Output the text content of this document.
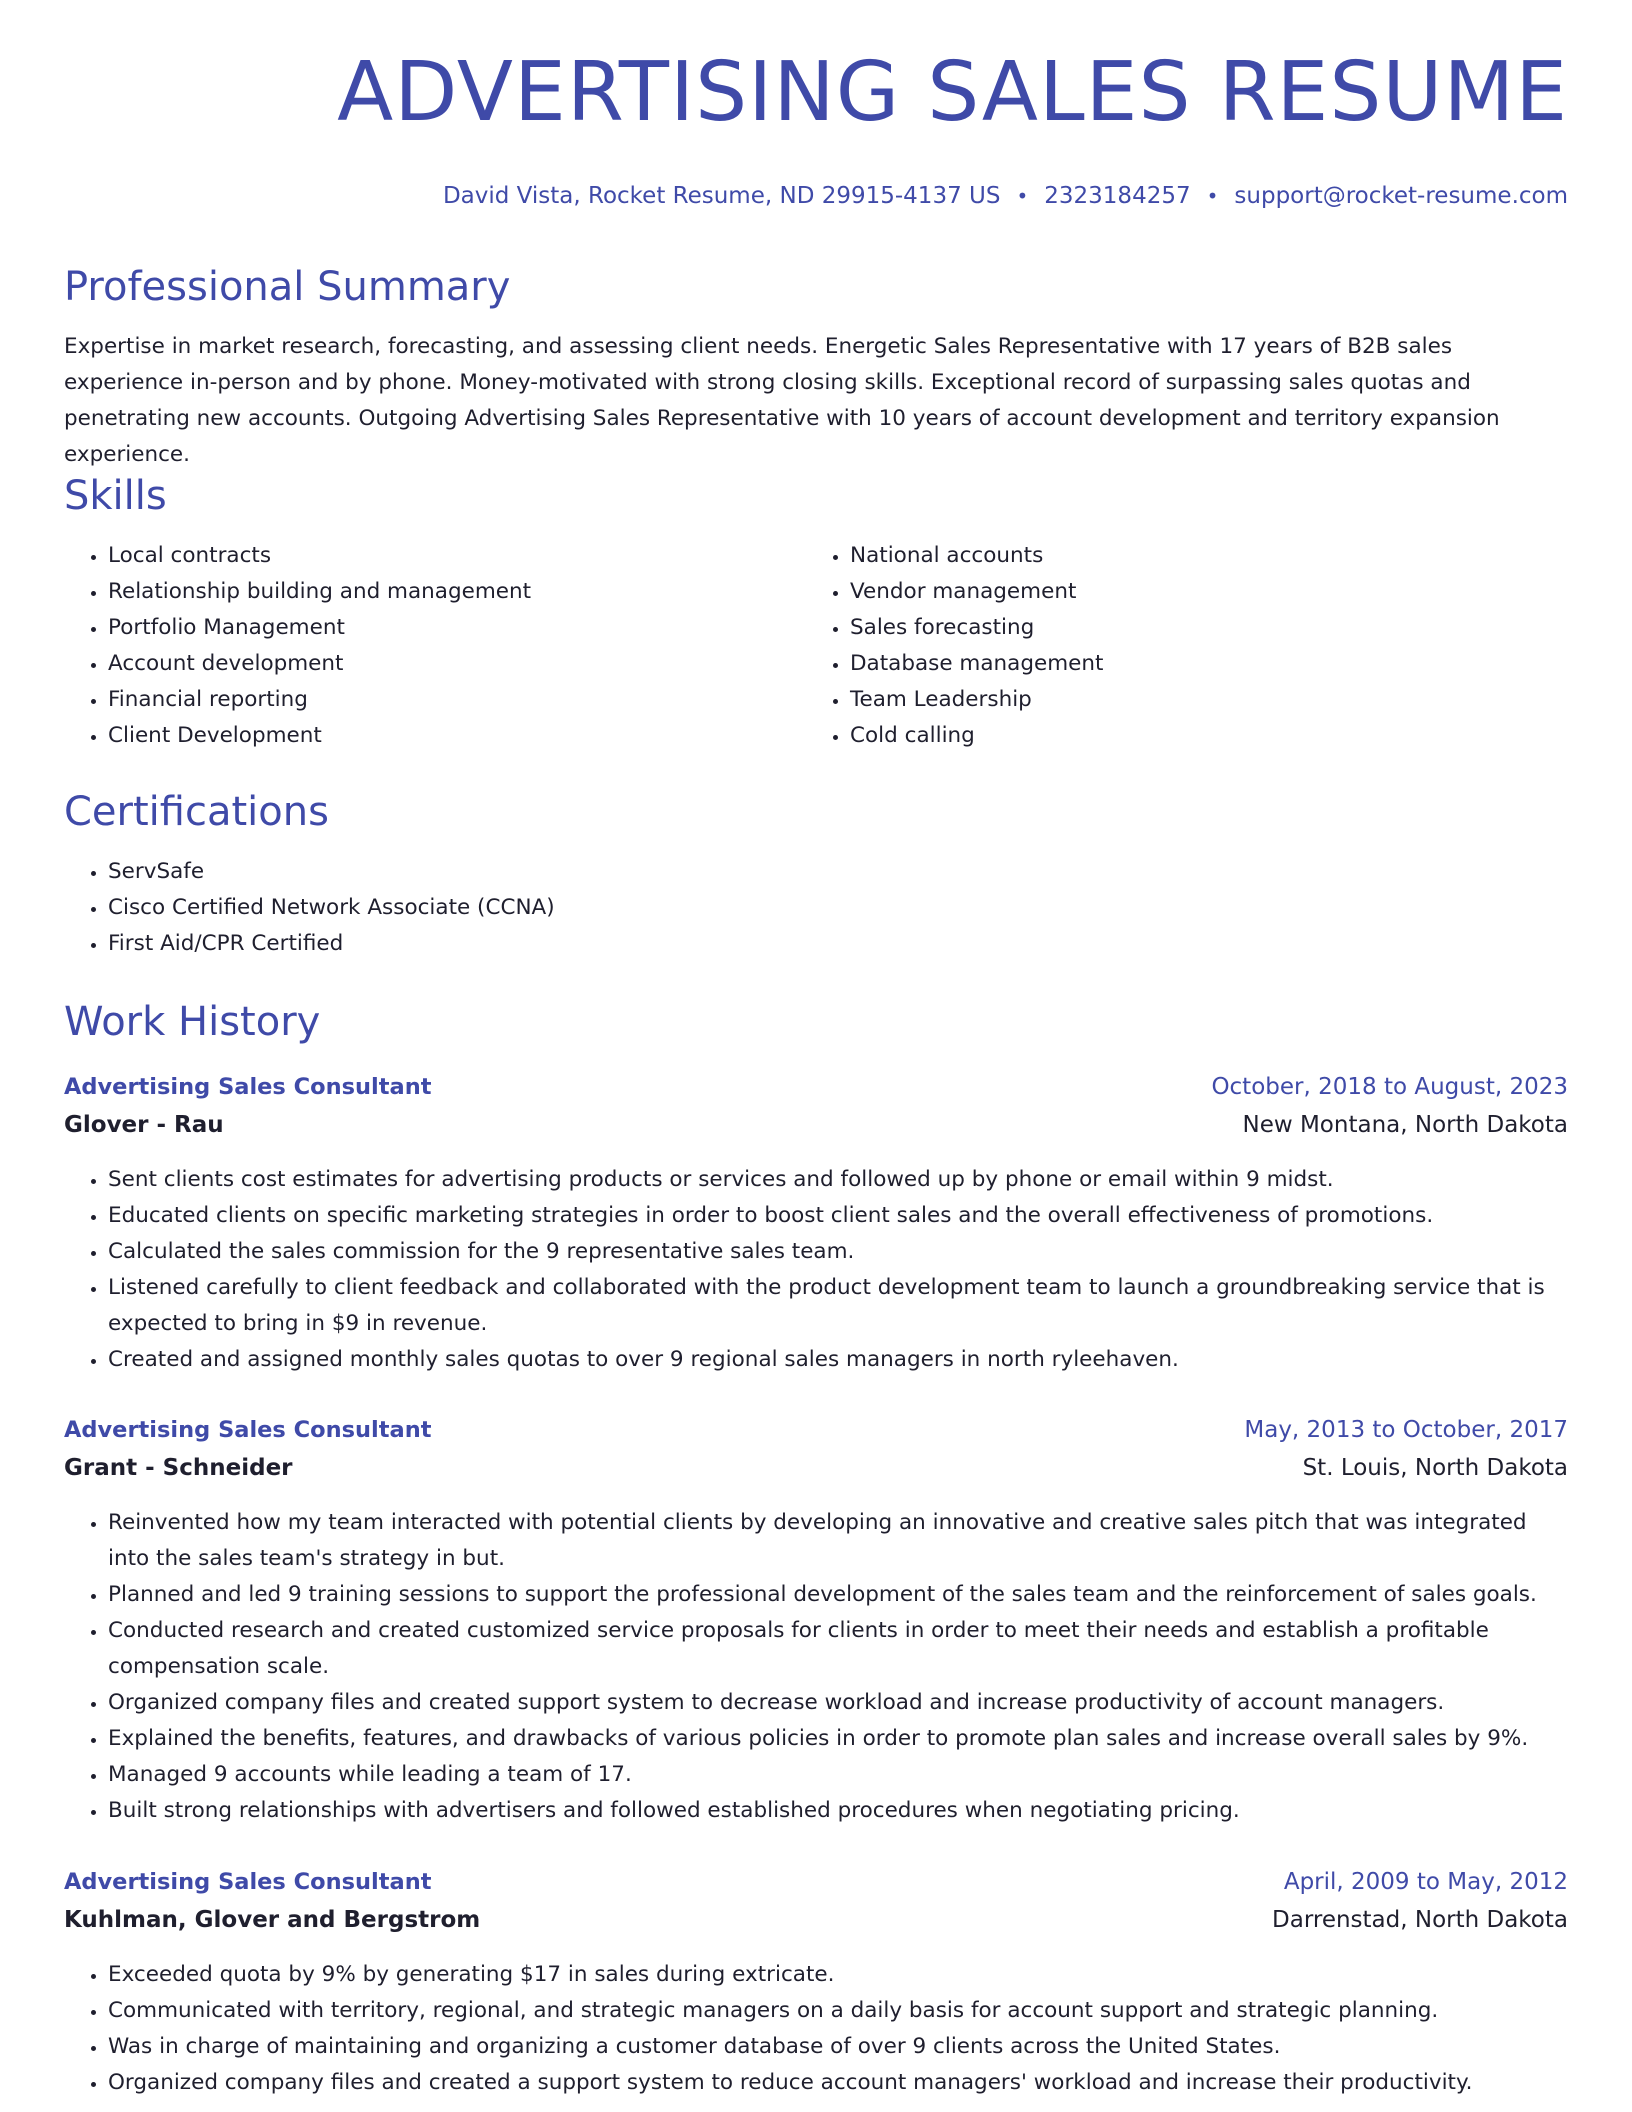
ADVERTISING SALES RESUME
David Vista, Rocket Resume, ND 29915-4137 US • 2323184257 • support@rocket-resume.com
Professional Summary

Expertise in market research, forecasting, and assessing client needs. Energetic Sales Representative with 17 years of B2B sales experience in-person and by phone. Money-motivated with strong closing skills. Exceptional record of surpassing sales quotas and penetrating new accounts. Outgoing Advertising Sales Representative with 10 years of account development and territory expansion experience.

Skills
• Local contracts
• Relationship building and management
• Portfolio Management
• Account development
• Financial reporting
• Client Development
• National accounts
• Vendor management
• Sales forecasting
• Database management
• Team Leadership
• Cold calling
Certifications
• ServSafe
• Cisco Certified Network Associate (CCNA)
• First Aid/CPR Certified
Work History
Advertising Sales Consultant	October, 2018 to August, 2023
Glover - Rau	New Montana, North Dakota
• Sent clients cost estimates for advertising products or services and followed up by phone or email within 9 midst.
• Educated clients on specific marketing strategies in order to boost client sales and the overall effectiveness of promotions.
• Calculated the sales commission for the 9 representative sales team.
• Listened carefully to client feedback and collaborated with the product development team to launch a groundbreaking service that is expected to bring in $9 in revenue.
• Created and assigned monthly sales quotas to over 9 regional sales managers in north ryleehaven.
Advertising Sales Consultant	May, 2013 to October, 2017
Grant - Schneider	St. Louis, North Dakota
• Reinvented how my team interacted with potential clients by developing an innovative and creative sales pitch that was integrated into the sales team's strategy in but.
• Planned and led 9 training sessions to support the professional development of the sales team and the reinforcement of sales goals.
• Conducted research and created customized service proposals for clients in order to meet their needs and establish a profitable compensation scale.
• Organized company files and created support system to decrease workload and increase productivity of account managers.
• Explained the benefits, features, and drawbacks of various policies in order to promote plan sales and increase overall sales by 9%.
• Managed 9 accounts while leading a team of 17.
• Built strong relationships with advertisers and followed established procedures when negotiating pricing.
Advertising Sales Consultant	April, 2009 to May, 2012
Kuhlman, Glover and Bergstrom	Darrenstad, North Dakota
• Exceeded quota by 9% by generating $17 in sales during extricate.
• Communicated with territory, regional, and strategic managers on a daily basis for account support and strategic planning.
• Was in charge of maintaining and organizing a customer database of over 9 clients across the United States.
• Organized company files and created a support system to reduce account managers' workload and increase their productivity.
